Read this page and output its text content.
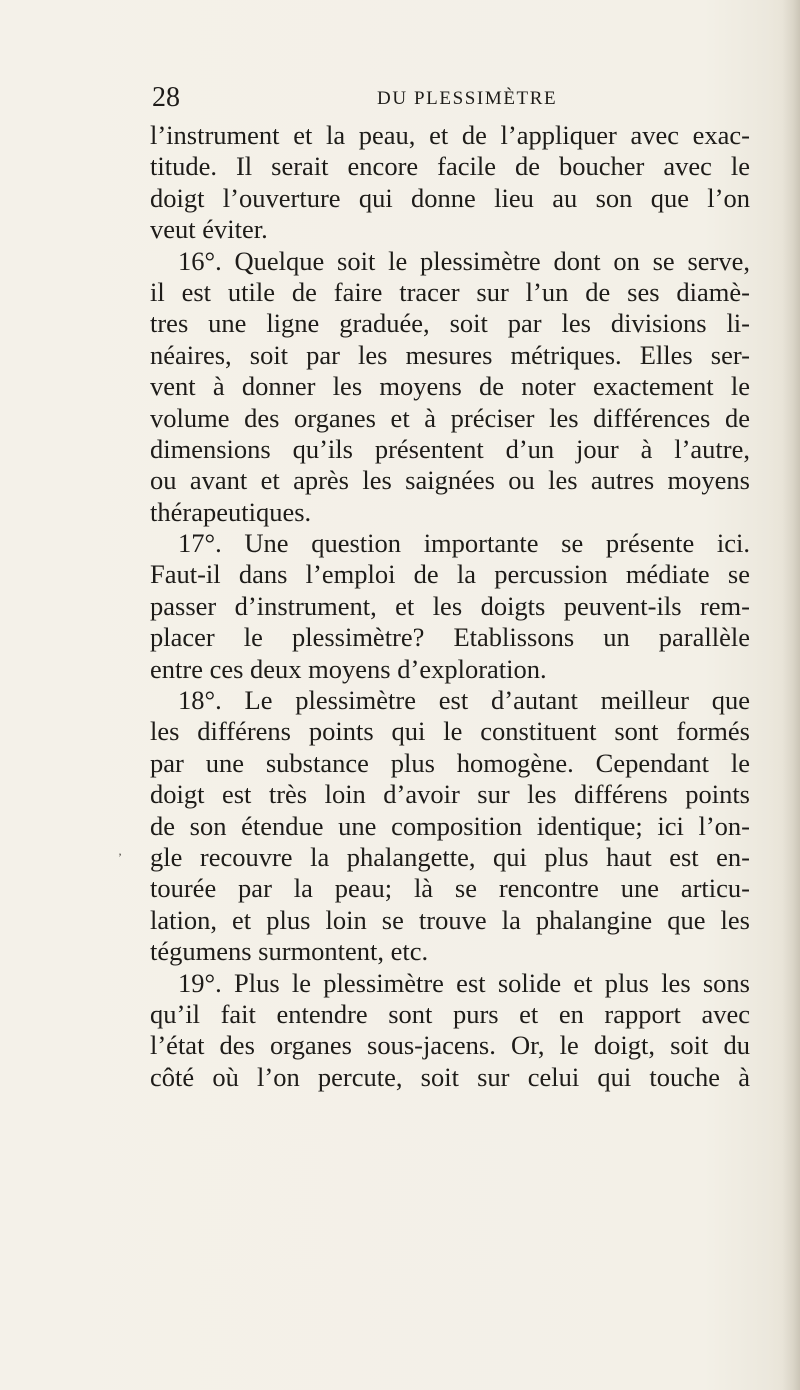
28	DU PLESSIMÈTRE
l’instrument et la peau, et de l’appliquer avec exac-
titude. Il serait encore facile de boucher avec le
doigt l’ouverture qui donne lieu au son que l’on
veut éviter.
16°. Quelque soit le plessimètre dont on se serve,
il est utile de faire tracer sur l’un de ses diamè-
tres une ligne graduée, soit par les divisions li-
néaires, soit par les mesures métriques. Elles ser-
vent à donner les moyens de noter exactement le
volume des organes et à préciser les différences de
dimensions qu’ils présentent d’un jour à l’autre,
ou avant et après les saignées ou les autres moyens
thérapeutiques.
17°. Une question importante se présente ici.
Faut-il dans l’emploi de la percussion médiate se
passer d’instrument, et les doigts peuvent-ils rem-
placer le plessimètre? Etablissons un parallèle
entre ces deux moyens d’exploration.
18°. Le plessimètre est d’autant meilleur que
les différens points qui le constituent sont formés
par une substance plus homogène. Cependant le
doigt est très loin d’avoir sur les différens points
de son étendue une composition identique; ici l’on-
gle recouvre la phalangette, qui plus haut est en-
tourée par la peau; là se rencontre une articu-
lation, et plus loin se trouve la phalangine que les
tégumens surmontent, etc.
19°. Plus le plessimètre est solide et plus les sons
qu’il fait entendre sont purs et en rapport avec
l’état des organes sous-jacens. Or, le doigt, soit du
côté où l’on percute, soit sur celui qui touche à
’
